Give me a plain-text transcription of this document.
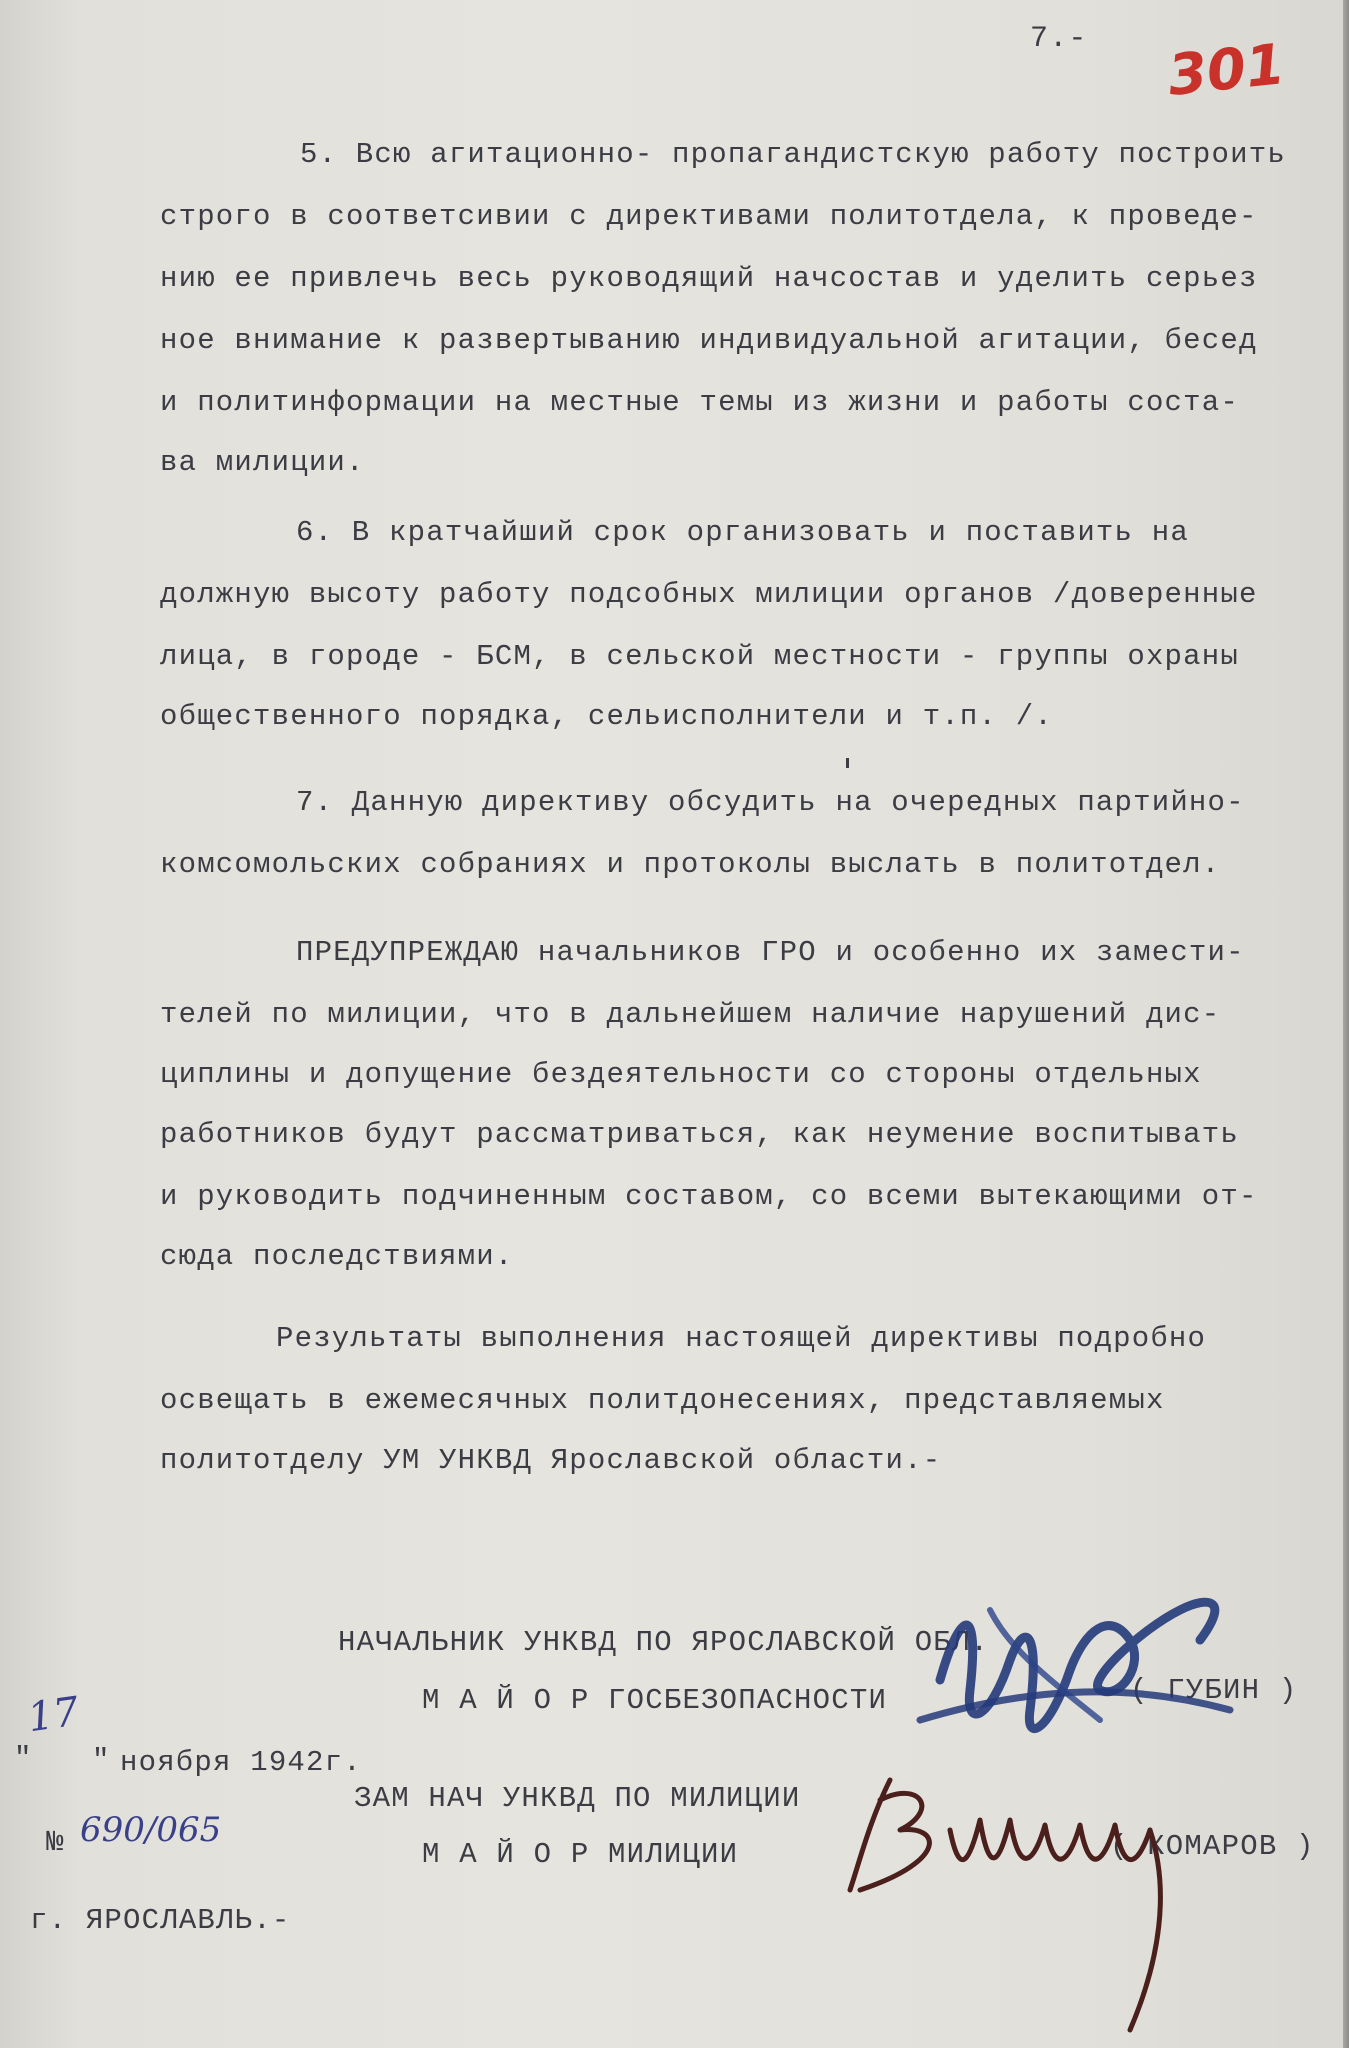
7.- 301
5. Всю агитационно- пропагандистскую работу построить
строго в соответсивии с директивами политотдела, к проведе-
нию ее привлечь весь руководящий начсостав и уделить серьез
ное внимание к развертыванию индивидуальной агитации, бесед
и политинформации на местные темы из жизни и работы соста-
ва милиции.
6. В кратчайший срок организовать и поставить на
должную высоту работу подсобных милиции органов /доверенные
лица, в городе - БСМ, в сельской местности - группы охраны
общественного порядка, сельисполнители и т.п. /.
7. Данную директиву обсудить на очередных партийно-
комсомольских собраниях и протоколы выслать в политотдел.
ПРЕДУПРЕЖДАЮ начальников ГРО и особенно их замести-
телей по милиции, что в дальнейшем наличие нарушений дис-
циплины и допущение бездеятельности со стороны отдельных
работников будут рассматриваться, как неумение воспитывать
и руководить подчиненным составом, со всеми вытекающими от-
сюда последствиями.
Результаты выполнения настоящей директивы подробно
освещать в ежемесячных политдонесениях, представляемых
политотделу УМ УНКВД Ярославской области.-
НАЧАЛЬНИК УНКВД ПО ЯРОСЛАВСКОЙ ОБЛ.
М А Й О Р ГОСБЕЗОПАСНОСТИ	( ГУБИН )
ЗАМ НАЧ УНКВД ПО МИЛИЦИИ
М А Й О Р МИЛИЦИИ	( КОМАРОВ )
"
17
" ноября 1942г.
№ 690/065
г. ЯРОСЛАВЛЬ.-
